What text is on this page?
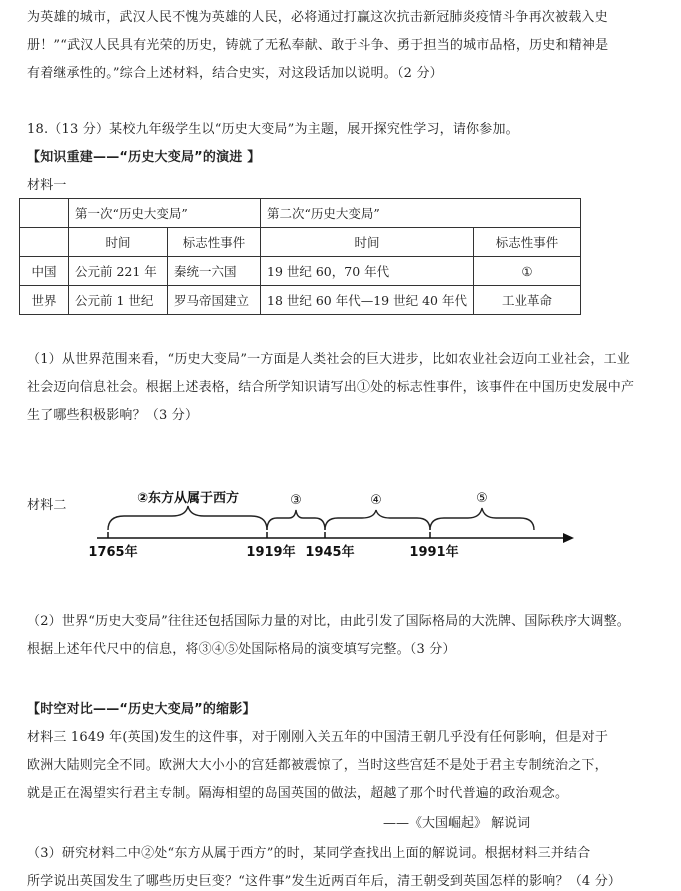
为英雄的城市，武汉人民不愧为英雄的人民，必将通过打赢这次抗击新冠肺炎疫情斗争再次被载入史
册！”“武汉人民具有光荣的历史，铸就了无私奉献、敢于斗争、勇于担当的城市品格，历史和精神是
有着继承性的。”综合上述材料，结合史实，对这段话加以说明。（2 分）
18.（13 分）某校九年级学生以“历史大变局”为主题，展开探究性学习，请你参加。
【知识重建——“历史大变局”的演进 】
材料一
	第一次“历史大变局”		第二次“历史大变局”	
	时间	标志性事件	时间	标志性事件
中国	公元前 221 年	秦统一六国	19 世纪 60，70 年代	①
世界	公元前 1 世纪	罗马帝国建立	18 世纪 60 年代—19 世纪 40 年代	工业革命
（1）从世界范围来看，“历史大变局”一方面是人类社会的巨大进步，比如农业社会迈向工业社会，工业
社会迈向信息社会。根据上述表格，结合所学知识请写出①处的标志性事件，该事件在中国历史发展中产
生了哪些积极影响？（3 分）
材料二	②东方从属于西方	③	④	⑤
1765年	1919年 1945年	1991年
（2）世界“历史大变局”往往还包括国际力量的对比，由此引发了国际格局的大洗牌、国际秩序大调整。
根据上述年代尺中的信息，将③④⑤处国际格局的演变填写完整。（3 分）
【时空对比——“历史大变局”的缩影】
材料三 1649 年(英国)发生的这件事，对于刚刚入关五年的中国清王朝几乎没有任何影响，但是对于
欧洲大陆则完全不同。欧洲大大小小的宫廷都被震惊了，当时这些宫廷不是处于君主专制统治之下，
就是正在渴望实行君主专制。隔海相望的岛国英国的做法，超越了那个时代普遍的政治观念。
——《大国崛起》 解说词
（3）研究材料二中②处“东方从属于西方”的时，某同学查找出上面的解说词。根据材料三并结合
所学说出英国发生了哪些历史巨变？“这件事”发生近两百年后，清王朝受到英国怎样的影响？（4 分）
